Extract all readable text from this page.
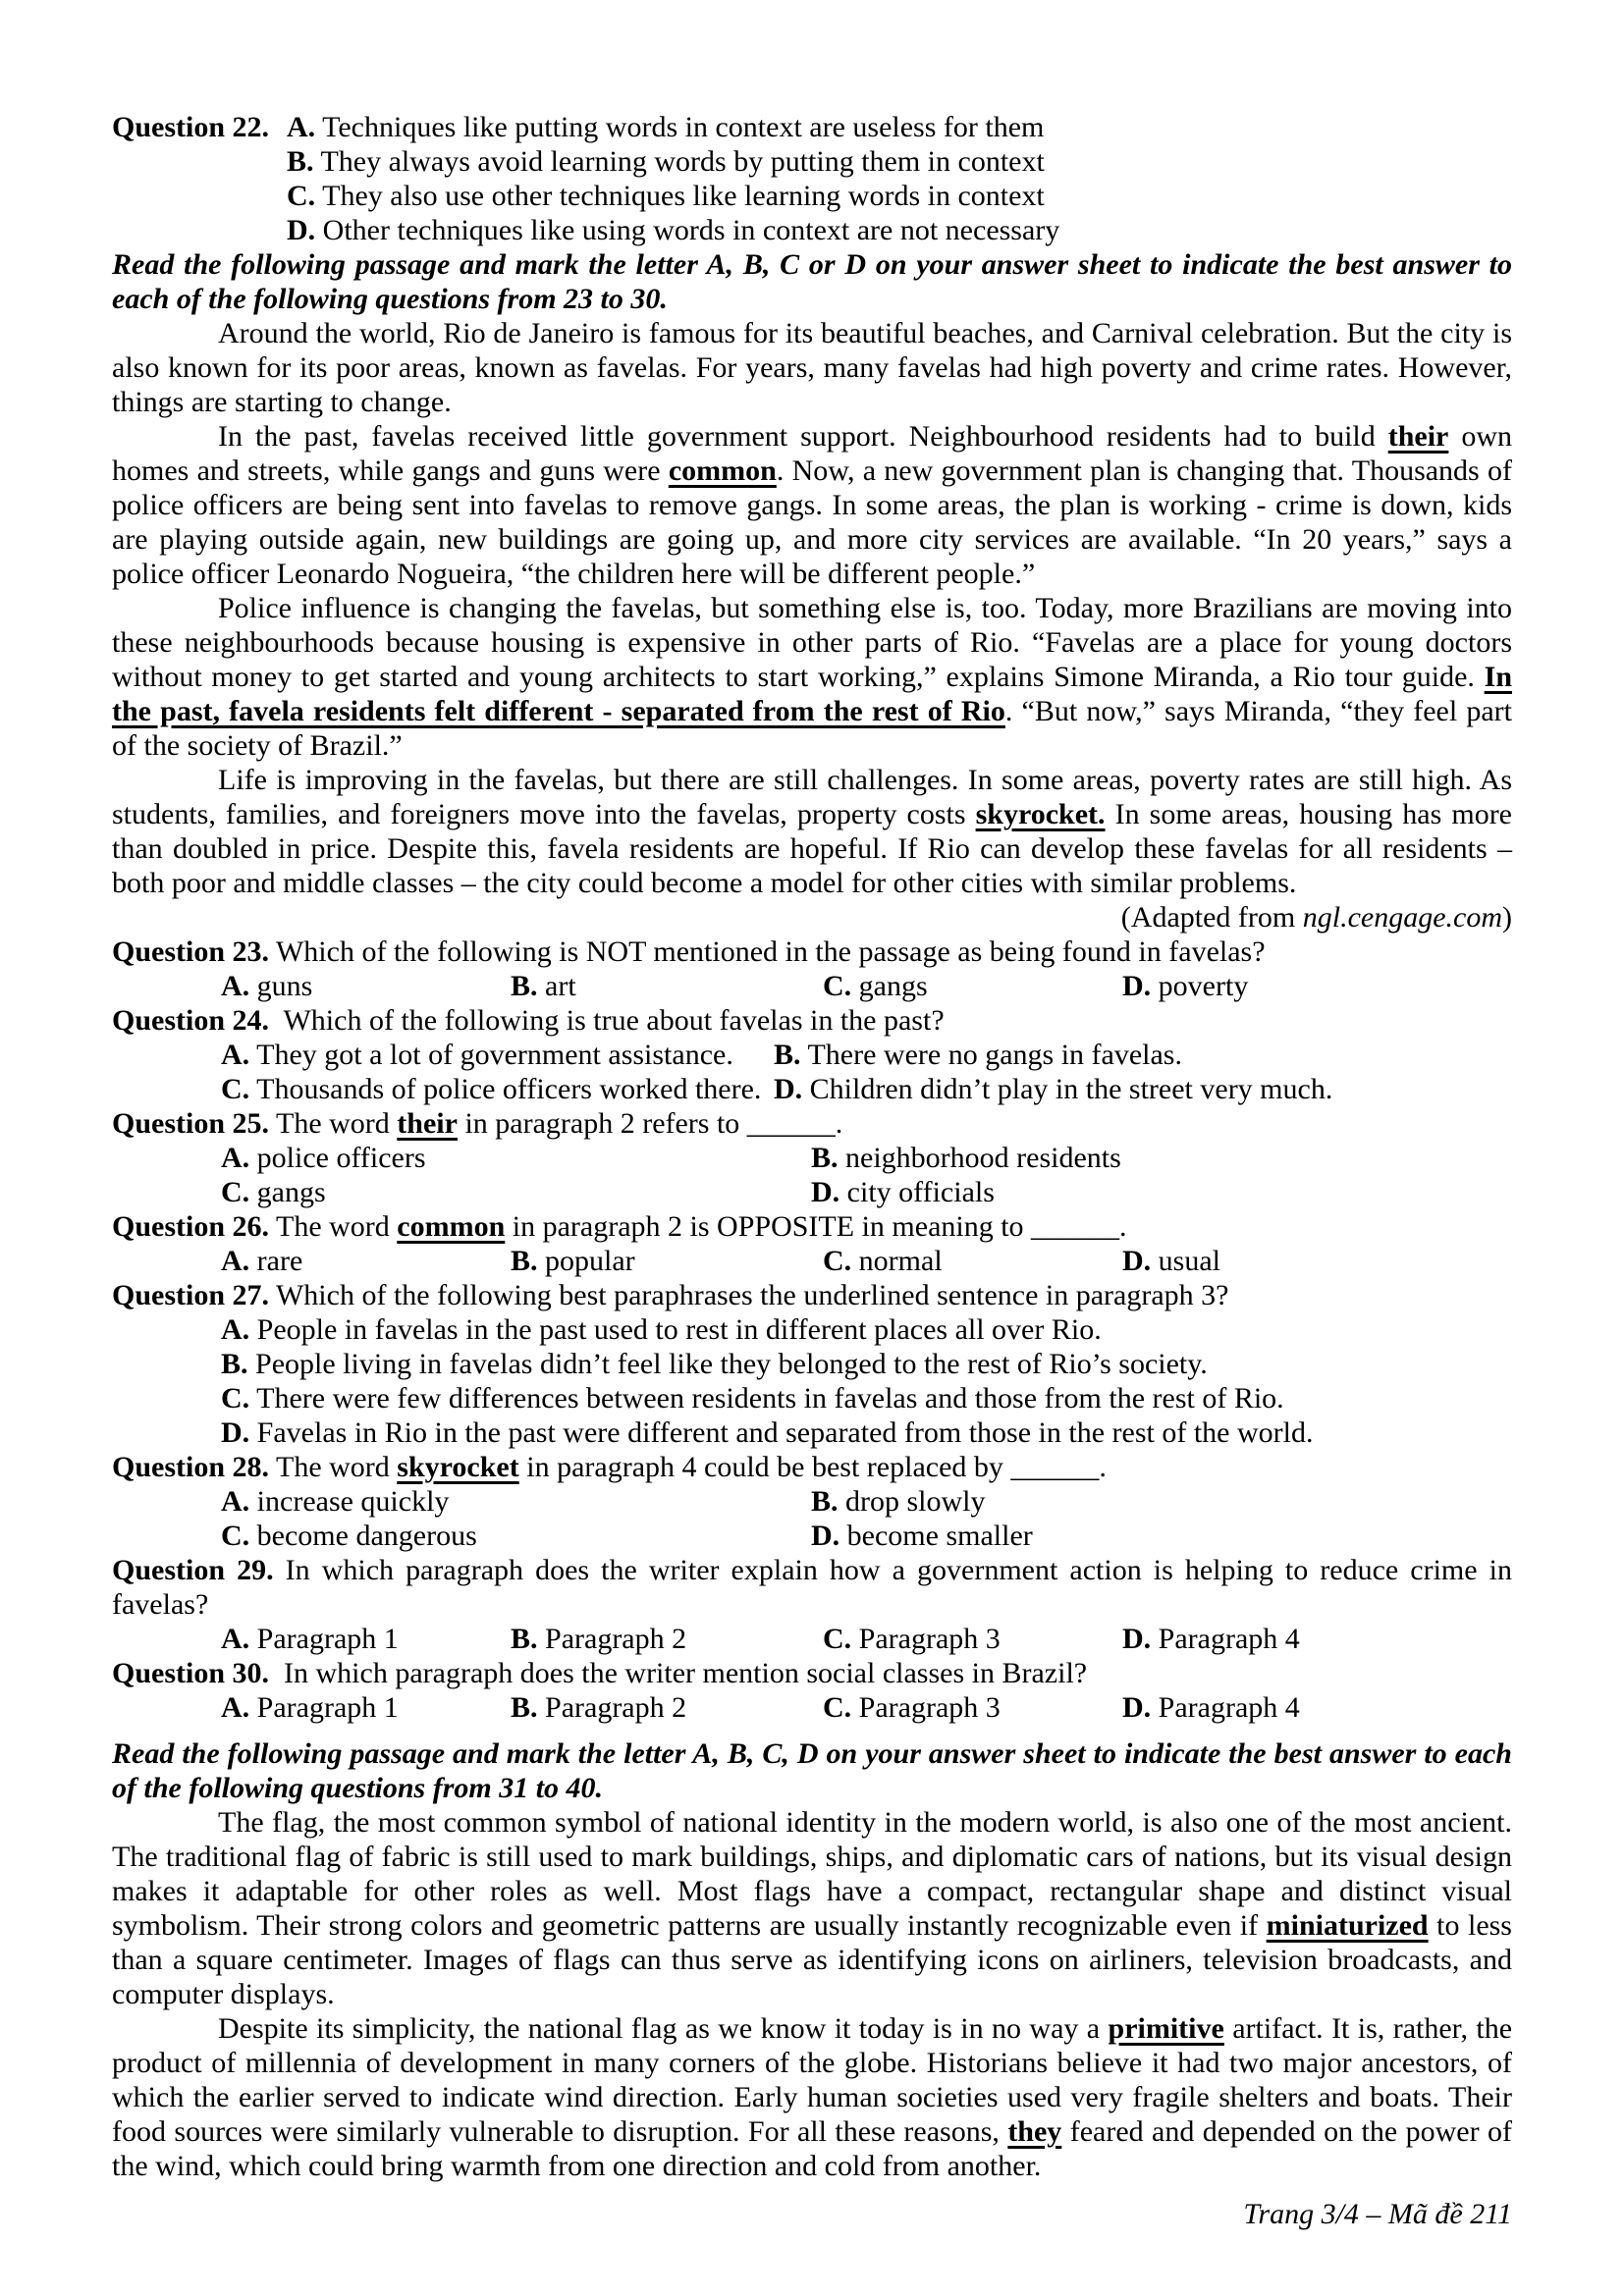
Question 22. A. Techniques like putting words in context are useless for them
B. They always avoid learning words by putting them in context
C. They also use other techniques like learning words in context
D. Other techniques like using words in context are not necessary
Read the following passage and mark the letter A, B, C or D on your answer sheet to indicate the best answer to each of the following questions from 23 to 30.
Around the world, Rio de Janeiro is famous for its beautiful beaches, and Carnival celebration. But the city is also known for its poor areas, known as favelas. For years, many favelas had high poverty and crime rates. However, things are starting to change.
In the past, favelas received little government support. Neighbourhood residents had to build their own homes and streets, while gangs and guns were common. Now, a new government plan is changing that. Thousands of police officers are being sent into favelas to remove gangs. In some areas, the plan is working - crime is down, kids are playing outside again, new buildings are going up, and more city services are available. “In 20 years,” says a police officer Leonardo Nogueira, “the children here will be different people.”
Police influence is changing the favelas, but something else is, too. Today, more Brazilians are moving into these neighbourhoods because housing is expensive in other parts of Rio. “Favelas are a place for young doctors without money to get started and young architects to start working,” explains Simone Miranda, a Rio tour guide. In the past, favela residents felt different - separated from the rest of Rio. “But now,” says Miranda, “they feel part of the society of Brazil.”
Life is improving in the favelas, but there are still challenges. In some areas, poverty rates are still high. As students, families, and foreigners move into the favelas, property costs skyrocket. In some areas, housing has more than doubled in price. Despite this, favela residents are hopeful. If Rio can develop these favelas for all residents – both poor and middle classes – the city could become a model for other cities with similar problems.
(Adapted from ngl.cengage.com)
Question 23. Which of the following is NOT mentioned in the passage as being found in favelas?
A. guns	B. art	C. gangs	D. poverty
Question 24.  Which of the following is true about favelas in the past?
A. They got a lot of government assistance. B. There were no gangs in favelas.
C. Thousands of police officers worked there. D. Children didn’t play in the street very much.
Question 25. The word their in paragraph 2 refers to ______.
A. police officers	B. neighborhood residents
C. gangs	D. city officials
Question 26. The word common in paragraph 2 is OPPOSITE in meaning to ______.
A. rare	B. popular	C. normal	D. usual
Question 27. Which of the following best paraphrases the underlined sentence in paragraph 3?
A. People in favelas in the past used to rest in different places all over Rio.
B. People living in favelas didn’t feel like they belonged to the rest of Rio’s society.
C. There were few differences between residents in favelas and those from the rest of Rio.
D. Favelas in Rio in the past were different and separated from those in the rest of the world.
Question 28. The word skyrocket in paragraph 4 could be best replaced by ______.
A. increase quickly	B. drop slowly
C. become dangerous	D. become smaller
Question 29. In which paragraph does the writer explain how a government action is helping to reduce crime in favelas?
A. Paragraph 1	B. Paragraph 2	C. Paragraph 3	D. Paragraph 4
Question 30.  In which paragraph does the writer mention social classes in Brazil?
A. Paragraph 1	B. Paragraph 2	C. Paragraph 3	D. Paragraph 4
Read the following passage and mark the letter A, B, C, D on your answer sheet to indicate the best answer to each of the following questions from 31 to 40.
The flag, the most common symbol of national identity in the modern world, is also one of the most ancient. The traditional flag of fabric is still used to mark buildings, ships, and diplomatic cars of nations, but its visual design makes it adaptable for other roles as well. Most flags have a compact, rectangular shape and distinct visual symbolism. Their strong colors and geometric patterns are usually instantly recognizable even if miniaturized to less than a square centimeter. Images of flags can thus serve as identifying icons on airliners, television broadcasts, and computer displays.
Despite its simplicity, the national flag as we know it today is in no way a primitive artifact. It is, rather, the product of millennia of development in many corners of the globe. Historians believe it had two major ancestors, of which the earlier served to indicate wind direction. Early human societies used very fragile shelters and boats. Their food sources were similarly vulnerable to disruption. For all these reasons, they feared and depended on the power of the wind, which could bring warmth from one direction and cold from another.
Trang 3/4 – Mã đề 211
